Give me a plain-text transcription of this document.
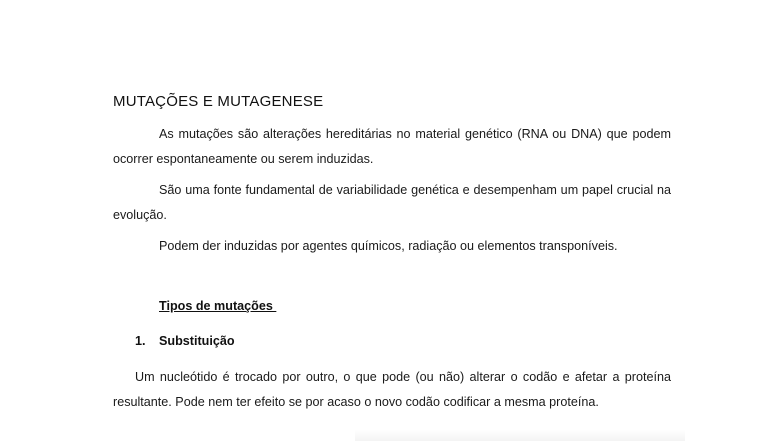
MUTAÇÕES E MUTAGENESE

As mutações são alterações hereditárias no material genético (RNA ou DNA) que podem ocorrer espontaneamente ou serem induzidas.

São uma fonte fundamental de variabilidade genética e desempenham um papel crucial na evolução.

Podem der induzidas por agentes químicos, radiação ou elementos transponíveis.

Tipos de mutações
1. Substituição

Um nucleótido é trocado por outro, o que pode (ou não) alterar o codão e afetar a proteína resultante. Pode nem ter efeito se por acaso o novo codão codificar a mesma proteína.
